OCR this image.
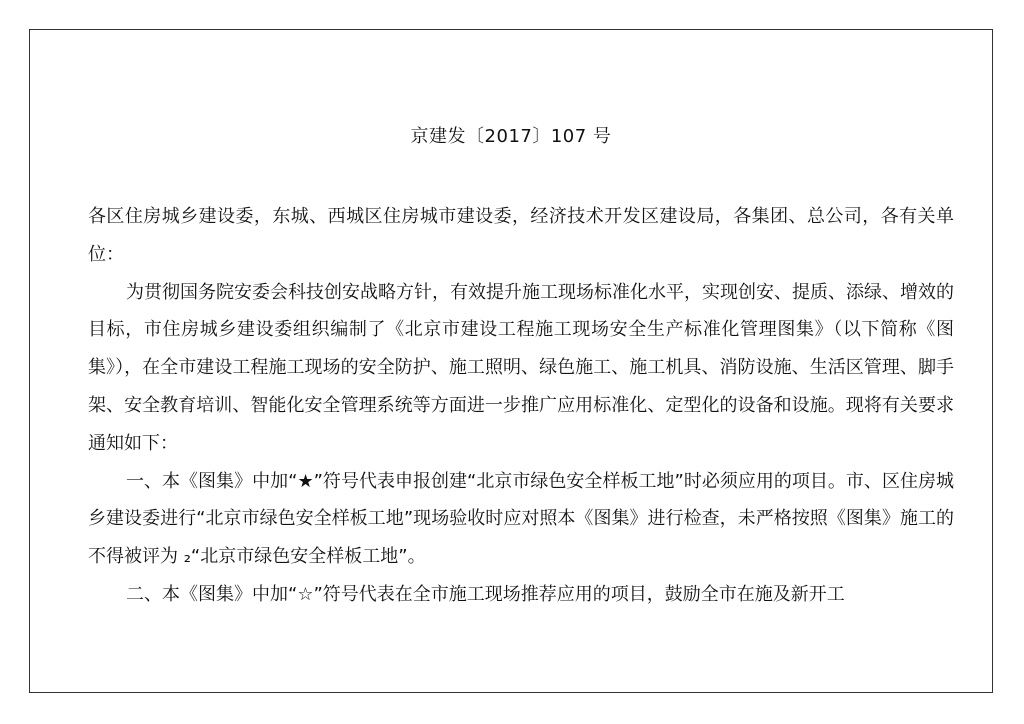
京建发〔2017〕107 号

各区住房城乡建设委，东城、西城区住房城市建设委，经济技术开发区建设局，各集团、总公司，各有关单位：

为贯彻国务院安委会科技创安战略方针，有效提升施工现场标准化水平，实现创安、提质、添绿、增效的目标，市住房城乡建设委组织编制了《北京市建设工程施工现场安全生产标准化管理图集》（以下简称《图集》），在全市建设工程施工现场的安全防护、施工照明、绿色施工、施工机具、消防设施、生活区管理、脚手架、安全教育培训、智能化安全管理系统等方面进一步推广应用标准化、定型化的设备和设施。现将有关要求通知如下：

一、本《图集》中加“★”符号代表申报创建“北京市绿色安全样板工地”时必须应用的项目。市、区住房城乡建设委进行“北京市绿色安全样板工地”现场验收时应对照本《图集》进行检查，未严格按照《图集》施工的不得被评为 ₂“北京市绿色安全样板工地”。

二、本《图集》中加“☆”符号代表在全市施工现场推荐应用的项目，鼓励全市在施及新开工
